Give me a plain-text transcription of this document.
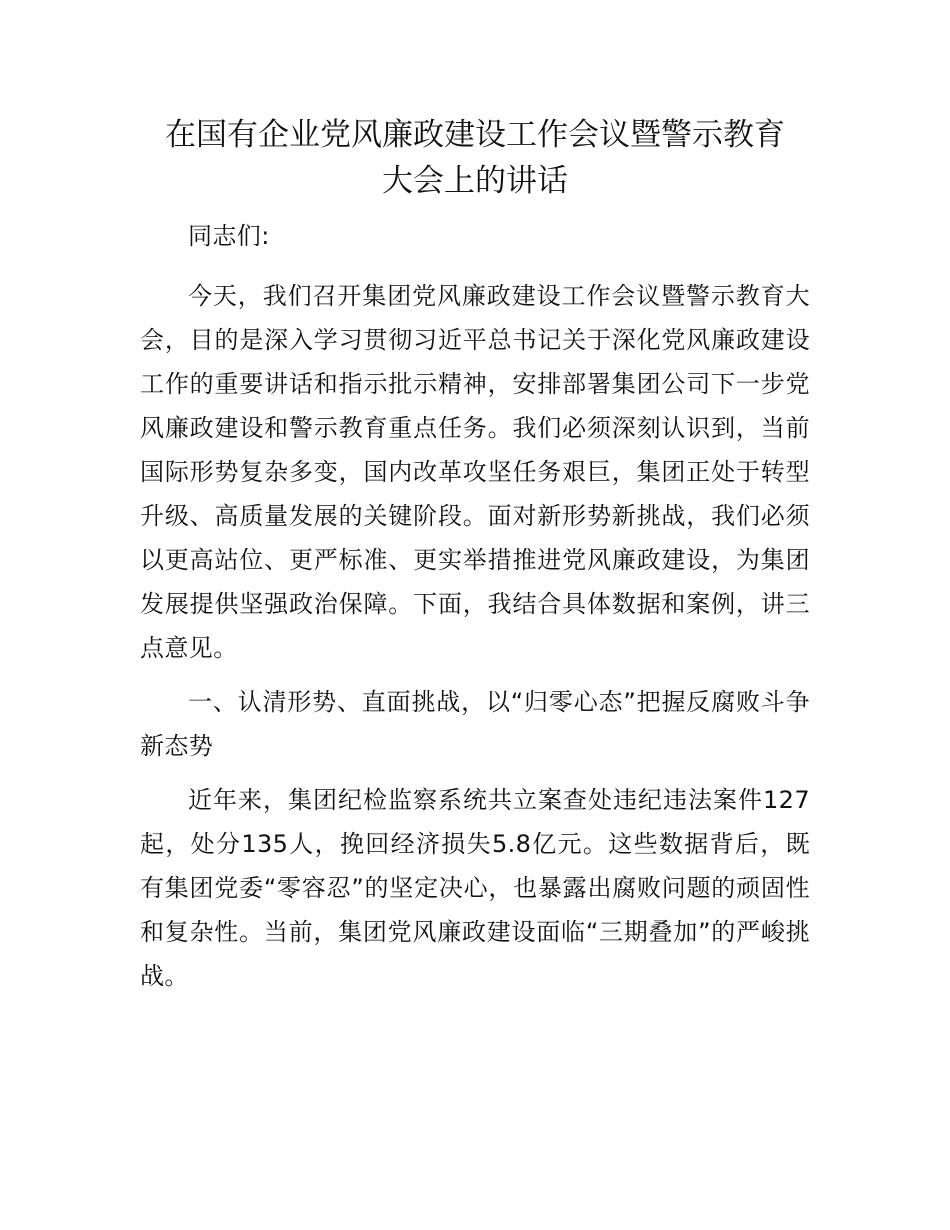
在国有企业党风廉政建设工作会议暨警示教育
大会上的讲话

同志们:

今天，我们召开集团党风廉政建设工作会议暨警示教育大会，目的是深入学习贯彻习近平总书记关于深化党风廉政建设工作的重要讲话和指示批示精神，安排部署集团公司下一步党风廉政建设和警示教育重点任务。我们必须深刻认识到，当前国际形势复杂多变，国内改革攻坚任务艰巨，集团正处于转型升级、高质量发展的关键阶段。面对新形势新挑战，我们必须以更高站位、更严标准、更实举措推进党风廉政建设，为集团发展提供坚强政治保障。下面，我结合具体数据和案例，讲三点意见。

一、认清形势、直面挑战，以“归零心态”把握反腐败斗争新态势

近年来，集团纪检监察系统共立案查处违纪违法案件127起，处分135人，挽回经济损失5.8亿元。这些数据背后，既有集团党委“零容忍”的坚定决心，也暴露出腐败问题的顽固性和复杂性。当前，集团党风廉政建设面临“三期叠加”的严峻挑战。
